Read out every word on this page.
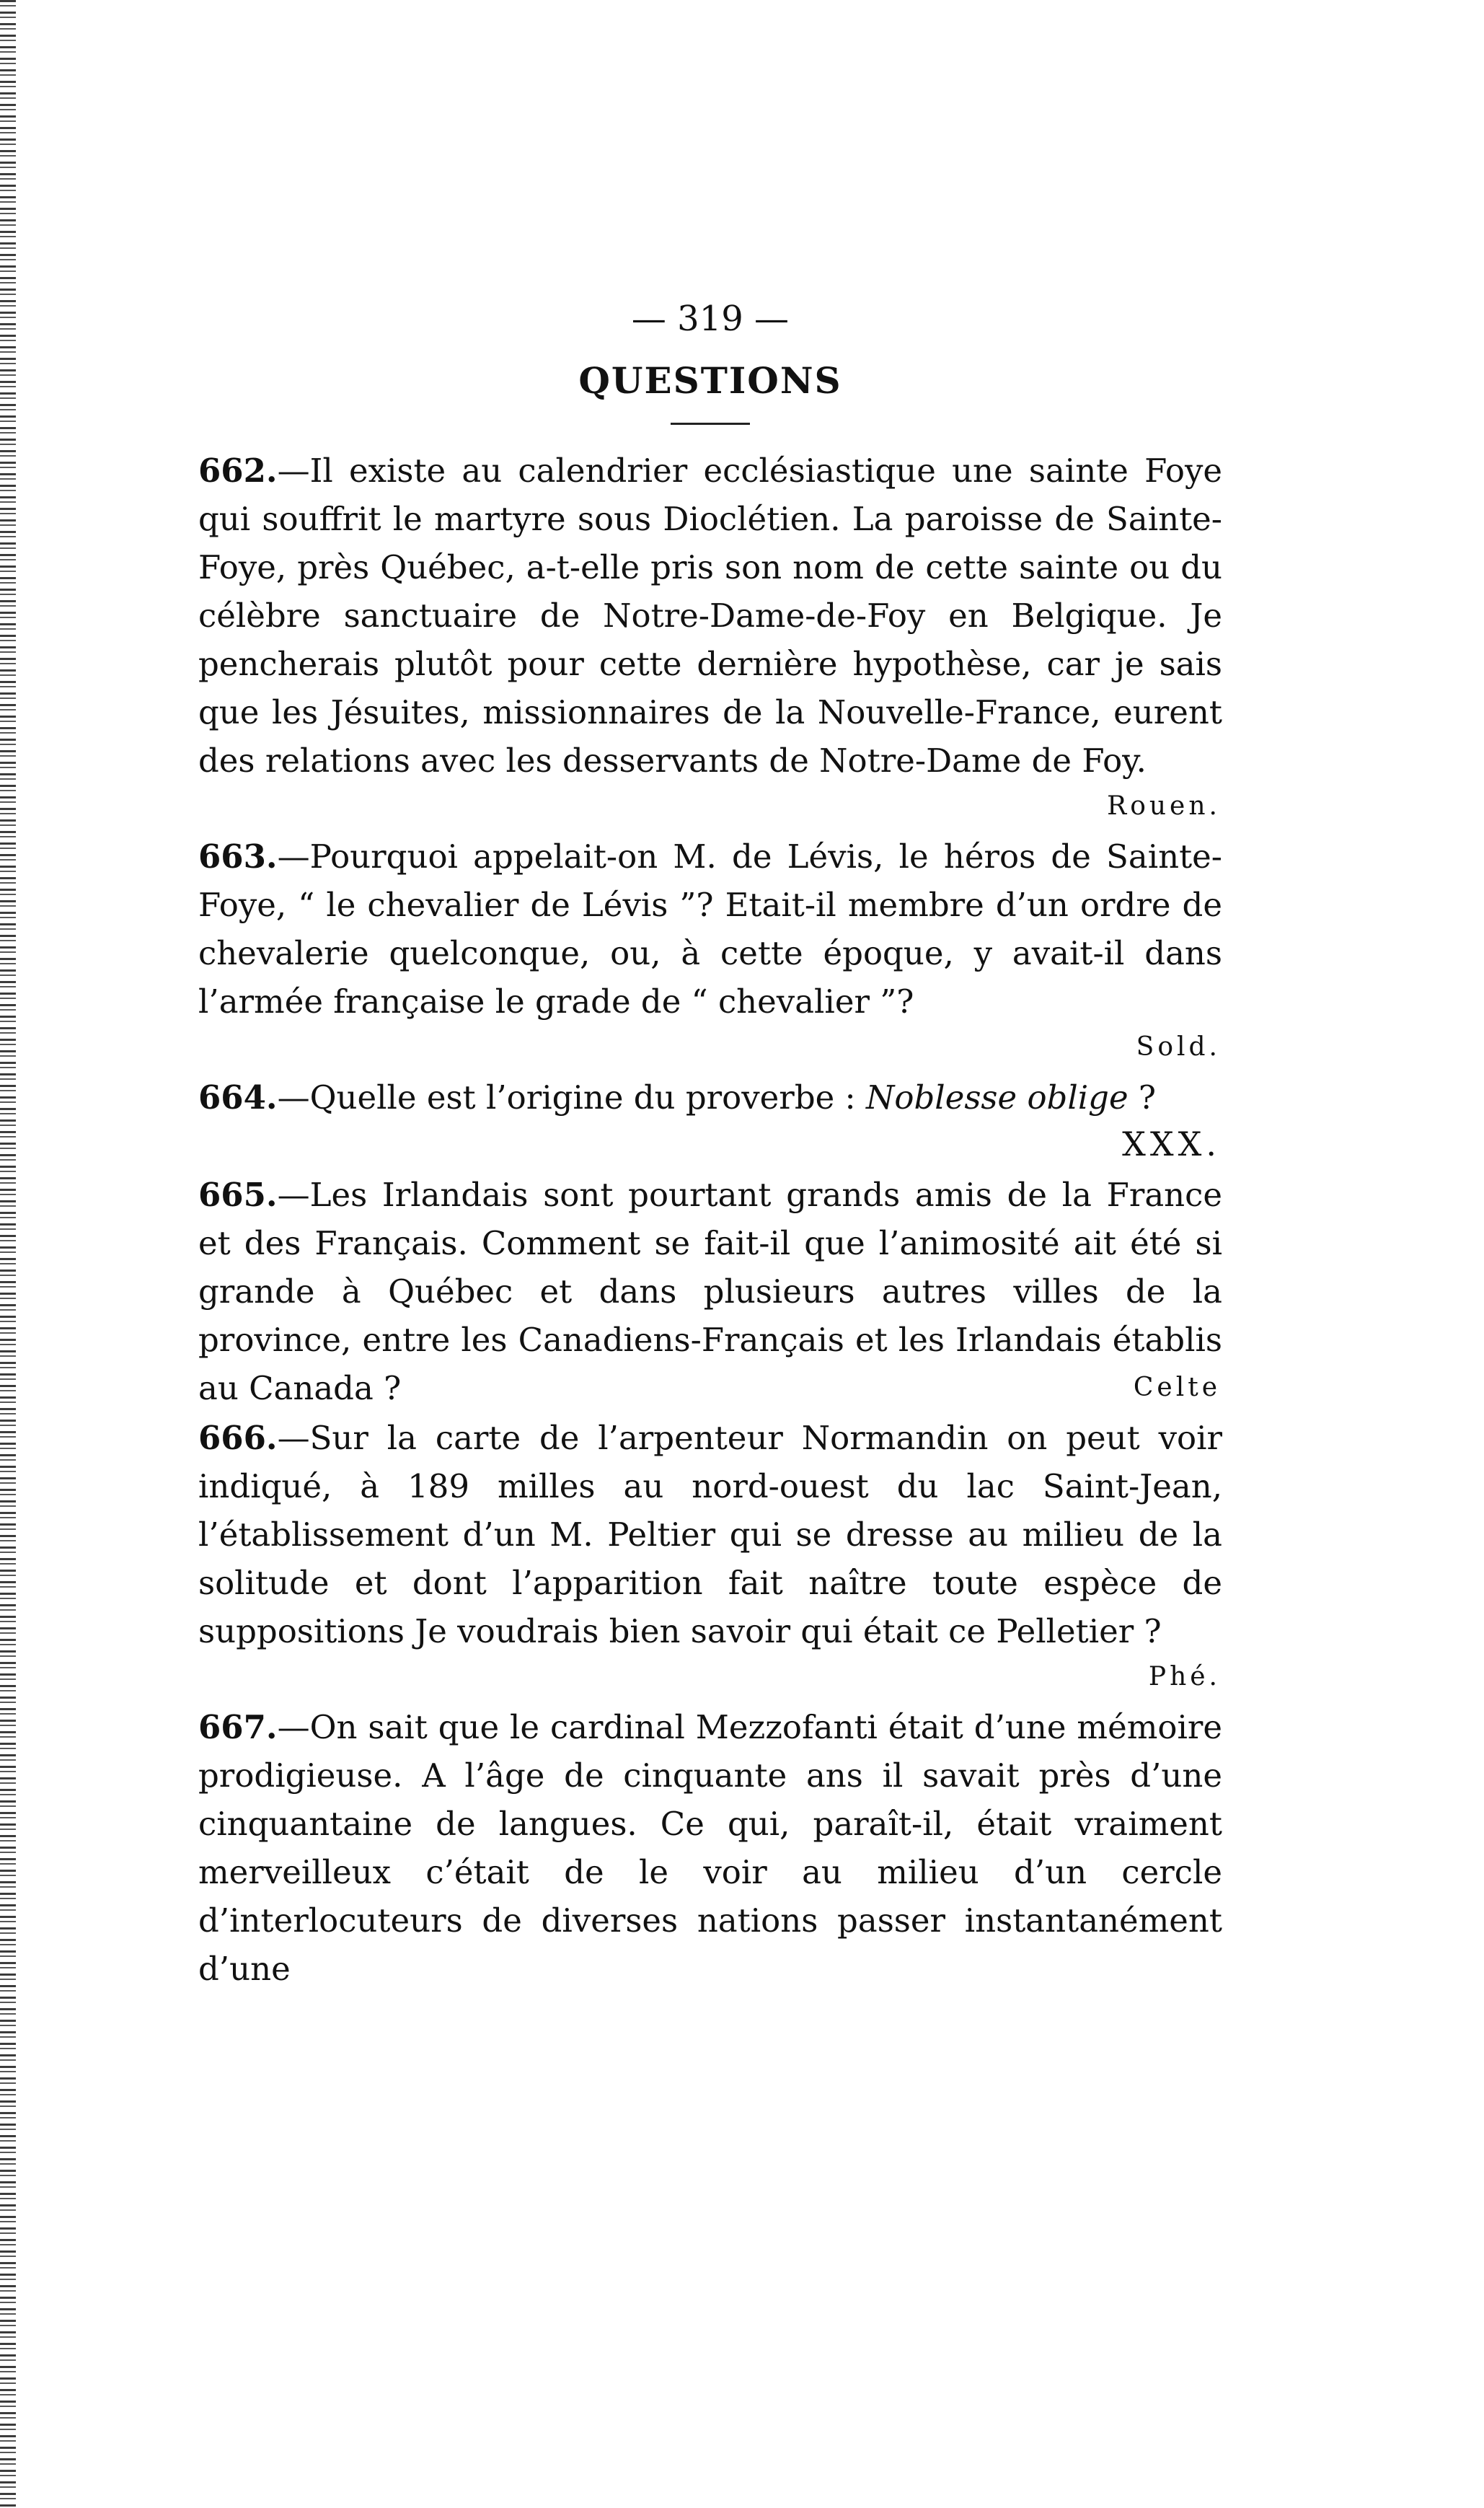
— 319 —
QUESTIONS

662.—Il existe au calendrier ecclésiastique une sainte Foye qui souffrit le martyre sous Dioclétien. La paroisse de Sainte-Foye, près Québec, a-t-elle pris son nom de cette sainte ou du célèbre sanctuaire de Notre-Dame-de-Foy en Belgique. Je pencherais plutôt pour cette dernière hypothèse, car je sais que les Jésuites, missionnaires de la Nouvelle-France, eurent des relations avec les desservants de Notre-Dame de Foy.

Rouen.

663.—Pourquoi appelait-on M. de Lévis, le héros de Sainte-Foye, “ le chevalier de Lévis ”? Etait-il membre d’un ordre de chevalerie quelconque, ou, à cette époque, y avait-il dans l’armée française le grade de “ chevalier ”?

Sold.

664.—Quelle est l’origine du proverbe : Noblesse oblige ?

XXX.

665.—Les Irlandais sont pourtant grands amis de la France et des Français. Comment se fait-il que l’animosité ait été si grande à Québec et dans plusieurs autres villes de la province, entre les Canadiens-Français et les Irlandais établis au Canada ?	Celte

666.—Sur la carte de l’arpenteur Normandin on peut voir indiqué, à 189 milles au nord-ouest du lac Saint-Jean, l’établissement d’un M. Peltier qui se dresse au milieu de la solitude et dont l’apparition fait naître toute espèce de suppositions Je voudrais bien savoir qui était ce Pelletier ?

Phé.

667.—On sait que le cardinal Mezzofanti était d’une mémoire prodigieuse. A l’âge de cinquante ans il savait près d’une cinquantaine de langues. Ce qui, paraît-il, était vraiment merveilleux c’était de le voir au milieu d’un cercle d’interlocuteurs de diverses nations passer instantanément d’une
